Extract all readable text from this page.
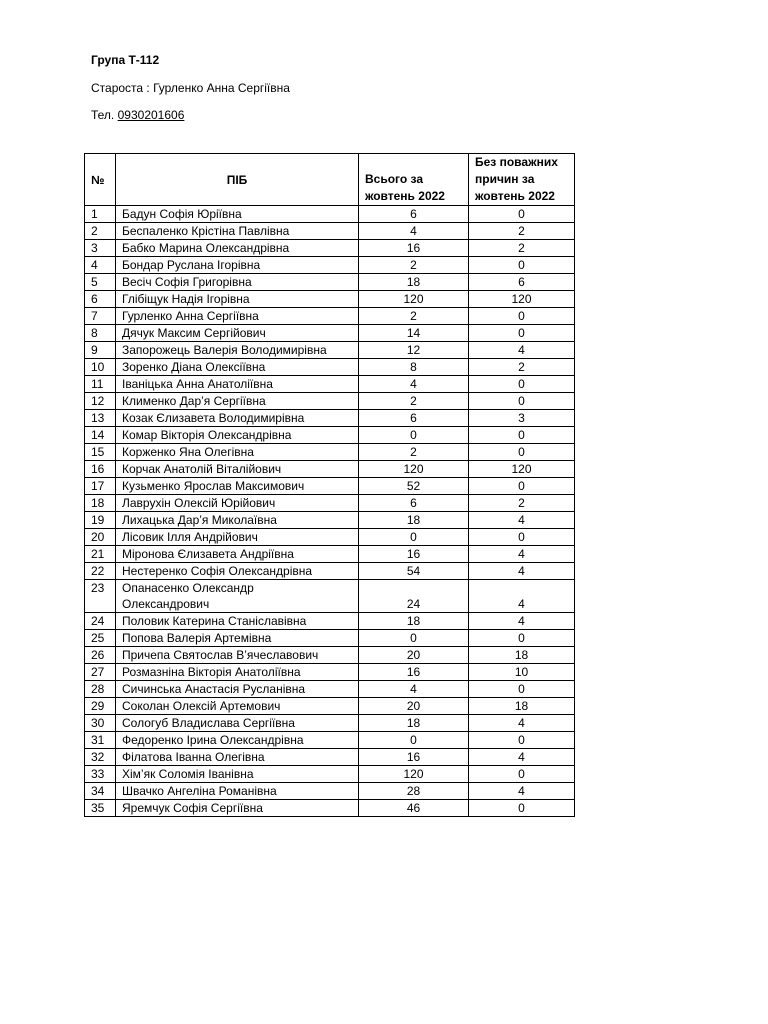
Група Т-112
Староста : Гурленко Анна Сергіївна
Тел. 0930201606
№	ПІБ	Всього за жовтень 2022	Без поважних причин за жовтень 2022
1	Бадун Софія Юріївна	6	0
2	Беспаленко Крістіна Павлівна	4	2
3	Бабко Марина Олександрівна	16	2
4	Бондар Руслана Ігорівна	2	0
5	Весіч Софія Григорівна	18	6
6	Глібіщук Надія Ігорівна	120	120
7	Гурленко Анна Сергіївна	2	0
8	Дячук Максим Сергійович	14	0
9	Запорожець Валерія Володимирівна	12	4
10	Зоренко Діана Олексіївна	8	2
11	Іваніцька Анна Анатоліївна	4	0
12	Клименко Дар’я Сергіївна	2	0
13	Козак Єлизавета Володимирівна	6	3
14	Комар Вікторія Олександрівна	0	0
15	Корженко Яна Олегівна	2	0
16	Корчак Анатолій Віталійович	120	120
17	Кузьменко Ярослав Максимович	52	0
18	Лаврухін Олексій Юрійович	6	2
19	Лихацька Дар’я Миколаївна	18	4
20	Лісовик Ілля Андрійович	0	0
21	Міронова Єлизавета Андріївна	16	4
22	Нестеренко Софія Олександрівна	54	4
23	Опанасенко Олександр
Олександрович	24	4
24	Половик Катерина Станіславівна	18	4
25	Попова Валерія Артемівна	0	0
26	Причепа Святослав В’ячеславович	20	18
27	Розмазніна Вікторія Анатоліївна	16	10
28	Сичинська Анастасія Русланівна	4	0
29	Соколан Олексій Артемович	20	18
30	Сологуб Владислава Сергіївна	18	4
31	Федоренко Ірина Олександрівна	0	0
32	Філатова Іванна Олегівна	16	4
33	Хім’як Соломія Іванівна	120	0
34	Швачко Ангеліна Романівна	28	4
35	Яремчук Софія Сергіївна	46	0
